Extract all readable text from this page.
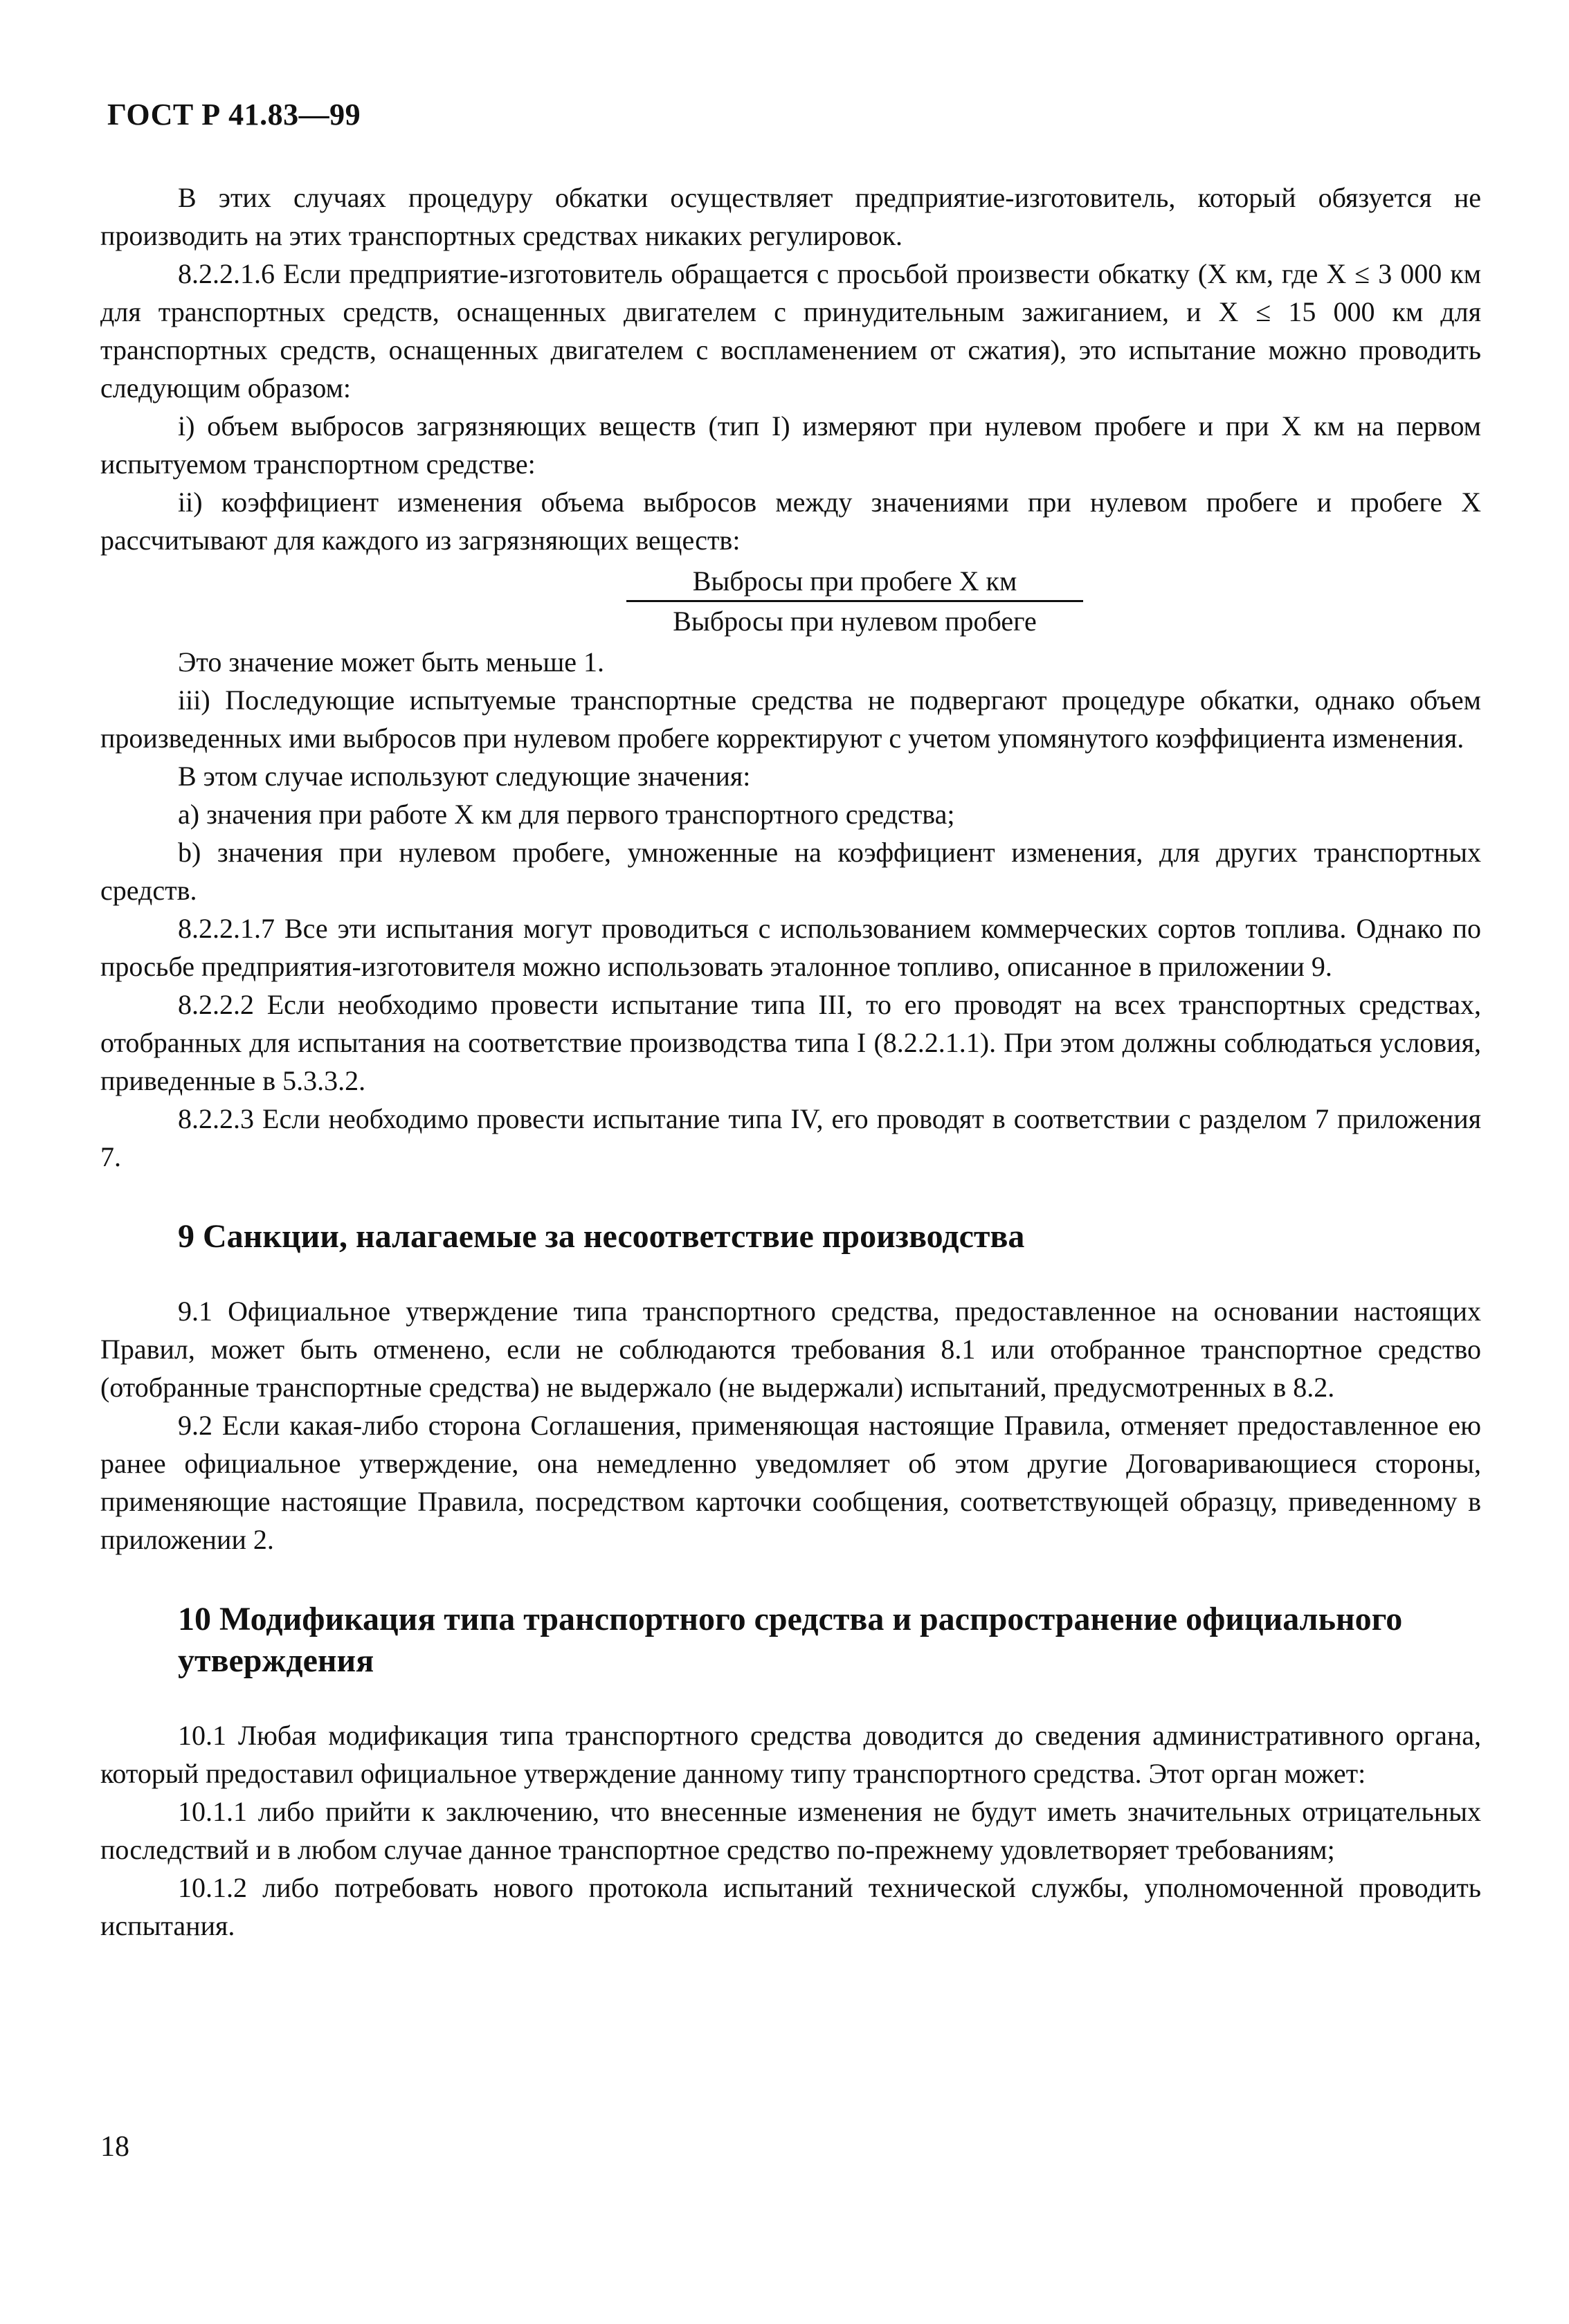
ГОСТ Р 41.83—99

В этих случаях процедуру обкатки осуществляет предприятие-изготовитель, который обязуется не производить на этих транспортных средствах никаких регулировок.

8.2.2.1.6 Если предприятие-изготовитель обращается с просьбой произвести обкатку (X км, где X ≤ 3 000 км для транспортных средств, оснащенных двигателем с принудительным зажиганием, и X ≤ 15 000 км для транспортных средств, оснащенных двигателем с воспламенением от сжатия), это испытание можно проводить следующим образом:

i) объем выбросов загрязняющих веществ (тип I) измеряют при нулевом пробеге и при X км на первом испытуемом транспортном средстве:

ii) коэффициент изменения объема выбросов между значениями при нулевом пробеге и пробеге X рассчитывают для каждого из загрязняющих веществ:

Выбросы при пробеге X км
Выбросы при нулевом пробеге

Это значение может быть меньше 1.

iii) Последующие испытуемые транспортные средства не подвергают процедуре обкатки, однако объем произведенных ими выбросов при нулевом пробеге корректируют с учетом упомянутого коэффициента изменения.

В этом случае используют следующие значения:

a) значения при работе X км для первого транспортного средства;

b) значения при нулевом пробеге, умноженные на коэффициент изменения, для других транспортных средств.

8.2.2.1.7 Все эти испытания могут проводиться с использованием коммерческих сортов топлива. Однако по просьбе предприятия-изготовителя можно использовать эталонное топливо, описанное в приложении 9.

8.2.2.2 Если необходимо провести испытание типа III, то его проводят на всех транспортных средствах, отобранных для испытания на соответствие производства типа I (8.2.2.1.1). При этом должны соблюдаться условия, приведенные в 5.3.3.2.

8.2.2.3 Если необходимо провести испытание типа IV, его проводят в соответствии с разделом 7 приложения 7.

9 Санкции, налагаемые за несоответствие производства

9.1 Официальное утверждение типа транспортного средства, предоставленное на основании настоящих Правил, может быть отменено, если не соблюдаются требования 8.1 или отобранное транспортное средство (отобранные транспортные средства) не выдержало (не выдержали) испытаний, предусмотренных в 8.2.

9.2 Если какая-либо сторона Соглашения, применяющая настоящие Правила, отменяет предоставленное ею ранее официальное утверждение, она немедленно уведомляет об этом другие Договаривающиеся стороны, применяющие настоящие Правила, посредством карточки сообщения, соответствующей образцу, приведенному в приложении 2.

10 Модификация типа транспортного средства и распространение официального утверждения

10.1 Любая модификация типа транспортного средства доводится до сведения административного органа, который предоставил официальное утверждение данному типу транспортного средства. Этот орган может:

10.1.1 либо прийти к заключению, что внесенные изменения не будут иметь значительных отрицательных последствий и в любом случае данное транспортное средство по-прежнему удовлетворяет требованиям;

10.1.2 либо потребовать нового протокола испытаний технической службы, уполномоченной проводить испытания.

18
